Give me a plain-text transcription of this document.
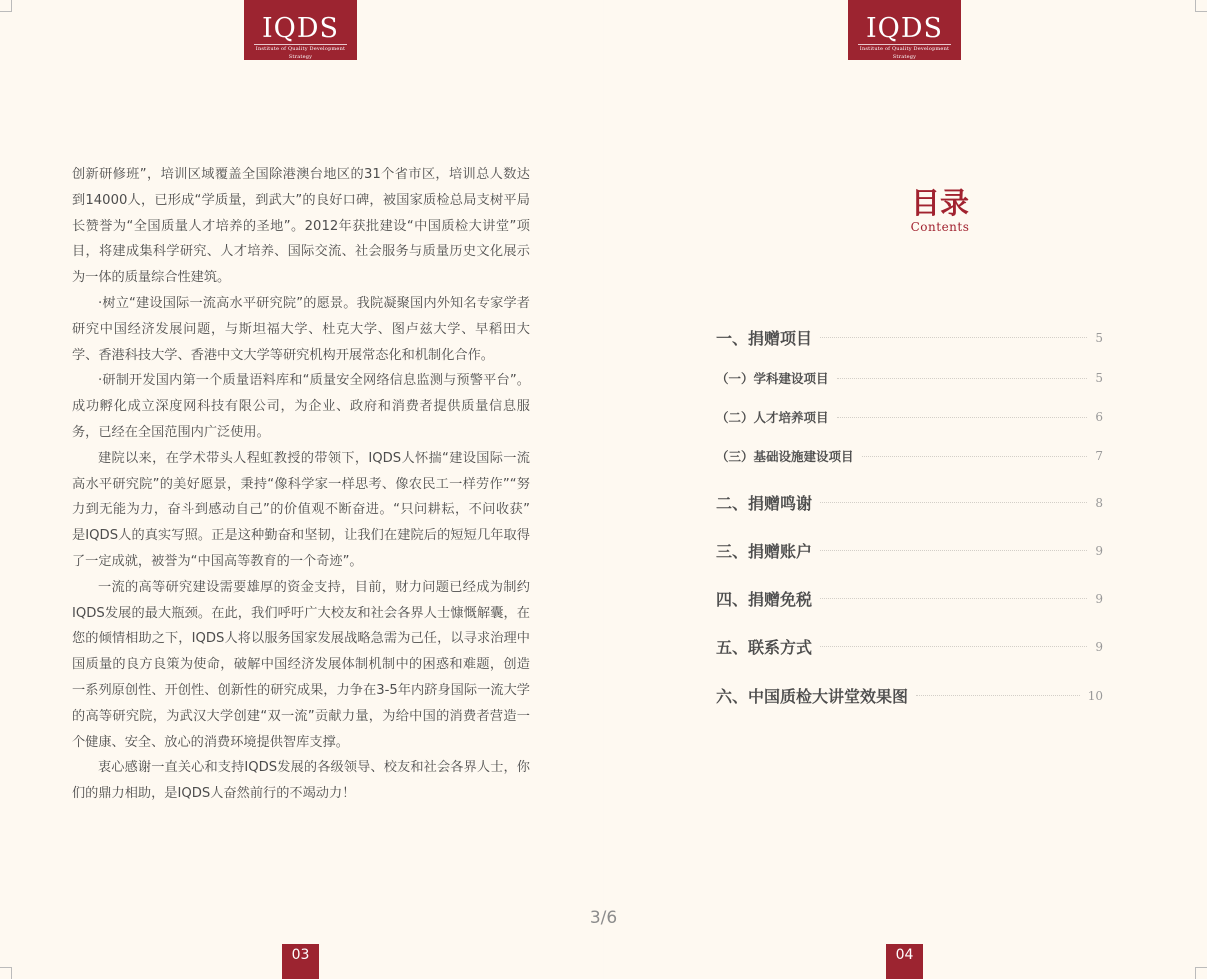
IQDS
Institute of Quality Development Strategy

创新研修班”，培训区域覆盖全国除港澳台地区的31个省市区，培训总人数达到14000人，已形成“学质量，到武大”的良好口碑，被国家质检总局支树平局长赞誉为“全国质量人才培养的圣地”。2012年获批建设“中国质检大讲堂”项目，将建成集科学研究、人才培养、国际交流、社会服务与质量历史文化展示为一体的质量综合性建筑。

·树立“建设国际一流高水平研究院”的愿景。我院凝聚国内外知名专家学者研究中国经济发展问题，与斯坦福大学、杜克大学、图卢兹大学、早稻田大学、香港科技大学、香港中文大学等研究机构开展常态化和机制化合作。

·研制开发国内第一个质量语料库和“质量安全网络信息监测与预警平台”。成功孵化成立深度网科技有限公司，为企业、政府和消费者提供质量信息服务，已经在全国范围内广泛使用。

建院以来，在学术带头人程虹教授的带领下，IQDS人怀揣“建设国际一流高水平研究院”的美好愿景，秉持“像科学家一样思考、像农民工一样劳作”“努力到无能为力，奋斗到感动自己”的价值观不断奋进。“只问耕耘，不问收获” 是IQDS人的真实写照。正是这种勤奋和坚韧，让我们在建院后的短短几年取得了一定成就，被誉为“中国高等教育的一个奇迹”。

一流的高等研究建设需要雄厚的资金支持，目前，财力问题已经成为制约IQDS发展的最大瓶颈。在此，我们呼吁广大校友和社会各界人士慷慨解囊，在您的倾情相助之下，IQDS人将以服务国家发展战略急需为己任，以寻求治理中国质量的良方良策为使命，破解中国经济发展体制机制中的困惑和难题，创造一系列原创性、开创性、创新性的研究成果，力争在3-5年内跻身国际一流大学的高等研究院，为武汉大学创建“双一流”贡献力量，为给中国的消费者营造一个健康、安全、放心的消费环境提供智库支撑。

衷心感谢一直关心和支持IQDS发展的各级领导、校友和社会各界人士，你们的鼎力相助，是IQDS人奋然前行的不竭动力！

03
IQDS
Institute of Quality Development Strategy
目录
Contents
一、捐赠项目	5
（一）学科建设项目	5
（二）人才培养项目	6
（三）基础设施建设项目	7
二、捐赠鸣谢	8
三、捐赠账户	9
四、捐赠免税	9
五、联系方式	9
六、中国质检大讲堂效果图	10
04
3/6
